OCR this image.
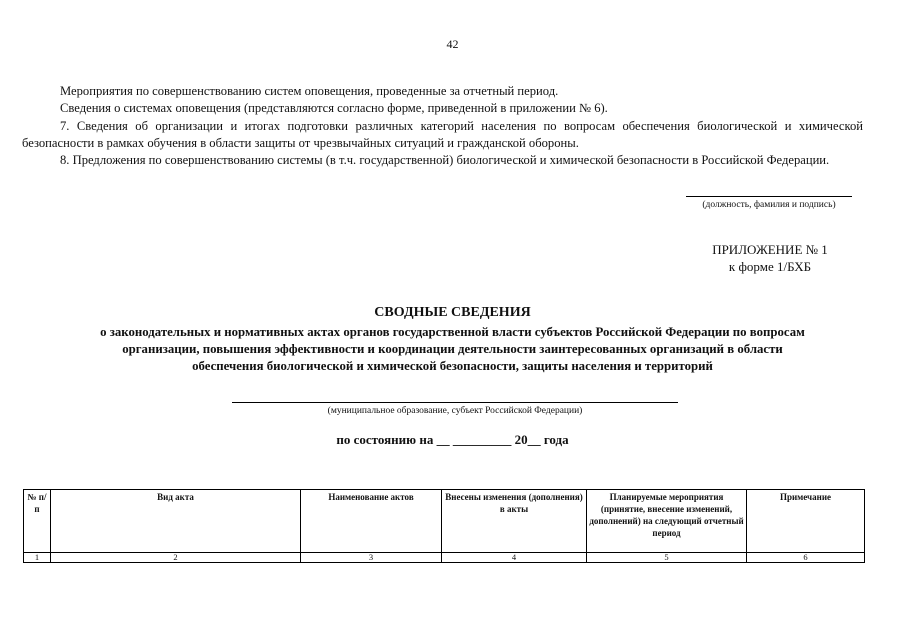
42
Мероприятия по совершенствованию систем оповещения, проведенные за отчетный период.
Сведения о системах оповещения (представляются согласно форме, приведенной в приложении № 6).
7. Сведения об организации и итогах подготовки различных категорий населения по вопросам обеспечения биологической и химической безопасности в рамках обучения в области защиты от чрезвычайных ситуаций и гражданской обороны.
8. Предложения по совершенствованию системы (в т.ч. государственной) биологической и химической безопасности в Российской Федерации.
(должность, фамилия и подпись)
ПРИЛОЖЕНИЕ № 1
к форме 1/БХБ
СВОДНЫЕ СВЕДЕНИЯ
о законодательных и нормативных актах органов государственной власти субъектов Российской Федерации по вопросам организации, повышения эффективности и координации деятельности заинтересованных организаций в области обеспечения биологической и химической безопасности, защиты населения и территорий
(муниципальное образование, субъект Российской Федерации)
по состоянию на __ _________ 20__ года
№ п/п	Вид акта	Наименование актов	Внесены изменения (дополнения) в акты	Планируемые мероприятия (принятие, внесение изменений, дополнений) на следующий отчетный период	Примечание
1	2	3	4	5	6
